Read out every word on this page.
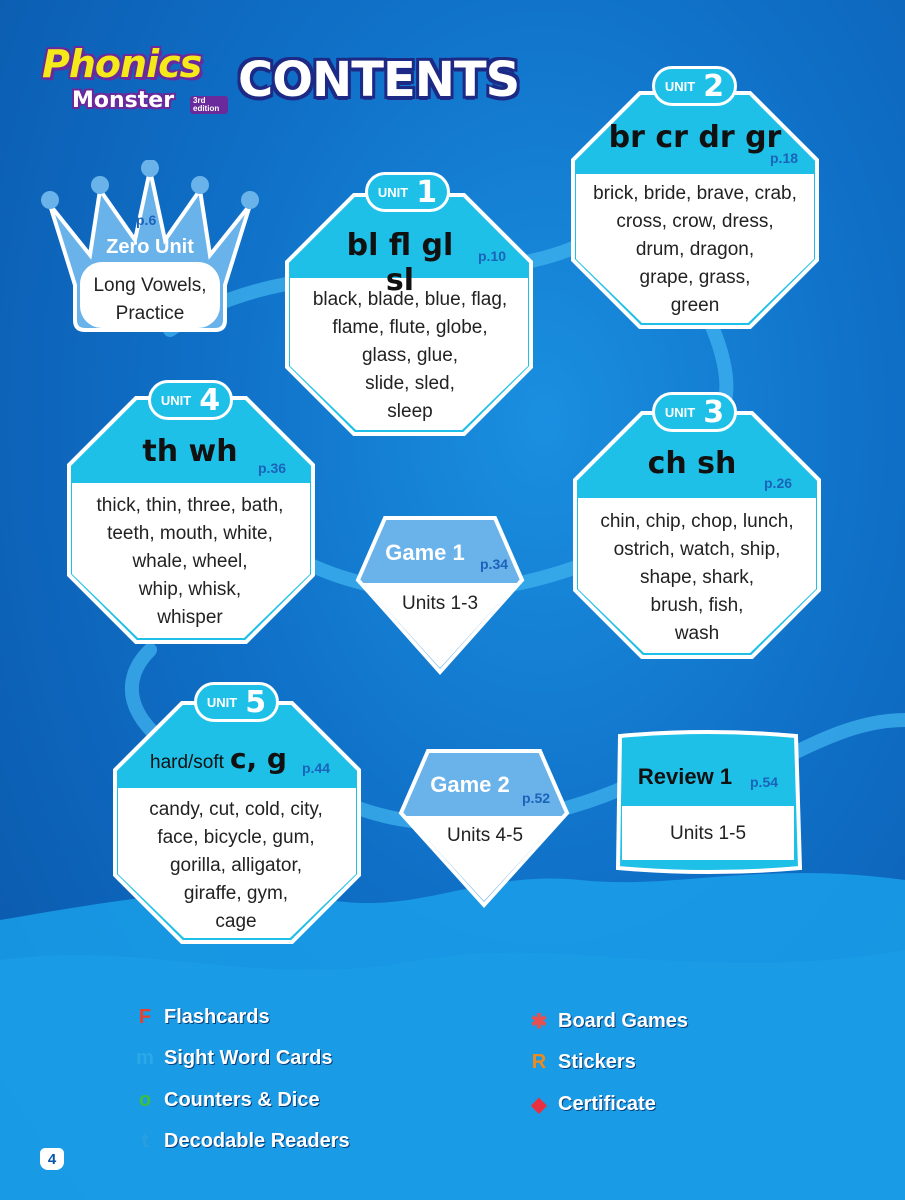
Phonics
Monster	3rd edition
CONTENTS
p.6
Zero Unit
Long Vowels,
Practice
UNIT 1
bl fl gl sl
p.10
black, blade, blue, flag,
flame, flute, globe,
glass, glue,
slide, sled,
sleep
UNIT 2
br cr dr gr
p.18
brick, bride, brave, crab,
cross, crow, dress,
drum, dragon,
grape, grass,
green
UNIT 4
th wh	p.36
thick, thin, three, bath,
teeth, mouth, white,
whale, wheel,
whip, whisk,
whisper
UNIT 3
ch sh
p.26
chin, chip, chop, lunch,
ostrich, watch, ship,
shape, shark,
brush, fish,
wash
Game 1	p.34
Units 1-3
UNIT 5
hard/soft c, g p.44
candy, cut, cold, city,
face, bicycle, gum,
gorilla, alligator,
giraffe, gym,
cage
Game 2
p.52
Units 4-5
Review 1	p.54
Units 1-5
F Flashcards
m Sight Word Cards
o Counters & Dice
t Decodable Readers
✱ Board Games
R Stickers
◆ Certificate
4
